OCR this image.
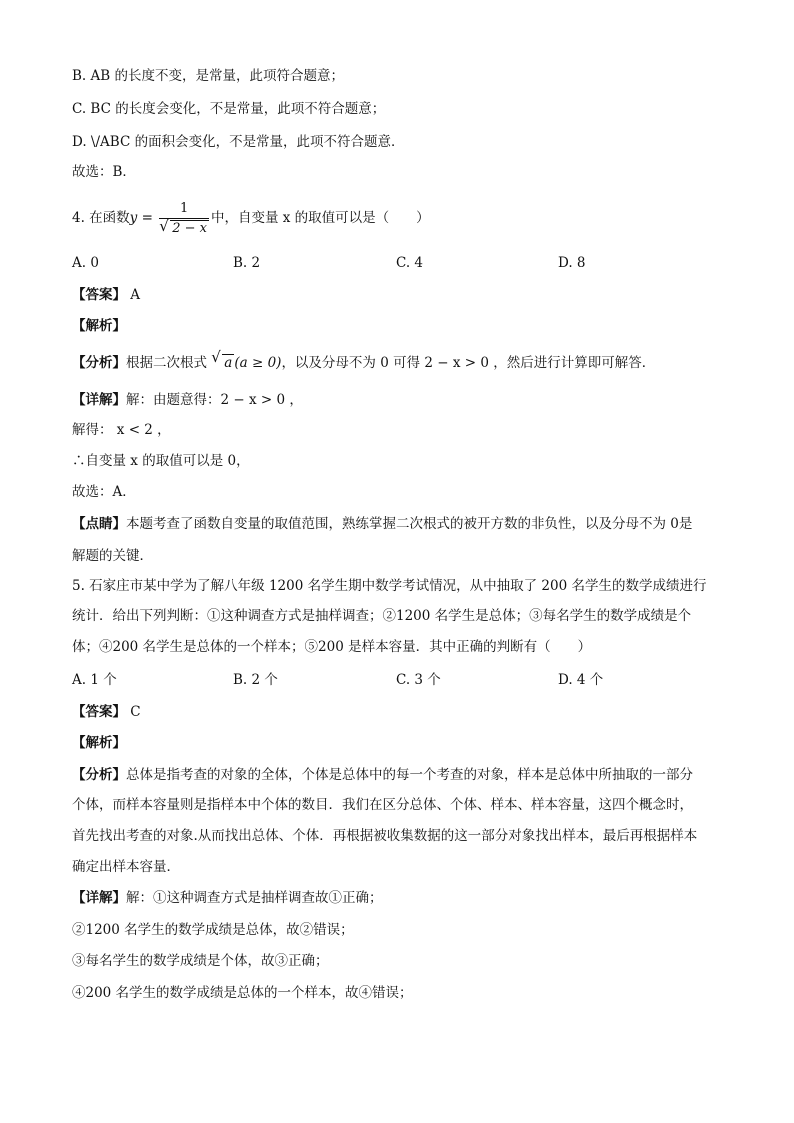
B. AB 的长度不变，是常量，此项符合题意；
C. BC 的长度会变化，不是常量，此项不符合题意；
D. \/ABC 的面积会变化，不是常量，此项不符合题意．
故选：B．
4. 在函数$y = \frac{1}{√ 2 - x}$ 中，自变量 x 的取值可以是（　　）
A. 0	B. 2	C. 4	D. 8
【答案】 A
【解析】
【分析】根据二次根式 √ a (a ≥ 0)，以及分母不为 0 可得 2 − x > 0 ，然后进行计算即可解答．
【详解】解：由题意得：2 − x > 0 ，
解得： x < 2 ，
∴自变量 x 的取值可以是 0，
故选：A．
【点睛】本题考查了函数自变量的取值范围，熟练掌握二次根式的被开方数的非负性，以及分母不为 0是
解题的关键．
5. 石家庄市某中学为了解八年级 1200 名学生期中数学考试情况，从中抽取了 200 名学生的数学成绩进行
统计．给出下列判断：①这种调查方式是抽样调查；②1200 名学生是总体；③每名学生的数学成绩是个
体；④200 名学生是总体的一个样本；⑤200 是样本容量．其中正确的判断有（　　）
A. 1 个	B. 2 个	C. 3 个	D. 4 个
【答案】 C
【解析】
【分析】总体是指考查的对象的全体，个体是总体中的每一个考查的对象，样本是总体中所抽取的一部分
个体，而样本容量则是指样本中个体的数目．我们在区分总体、个体、样本、样本容量，这四个概念时，
首先找出考查的对象.从而找出总体、个体．再根据被收集数据的这一部分对象找出样本，最后再根据样本
确定出样本容量．
【详解】解：①这种调查方式是抽样调查故①正确；
②1200 名学生的数学成绩是总体，故②错误；
③每名学生的数学成绩是个体，故③正确；
④200 名学生的数学成绩是总体的一个样本，故④错误；
